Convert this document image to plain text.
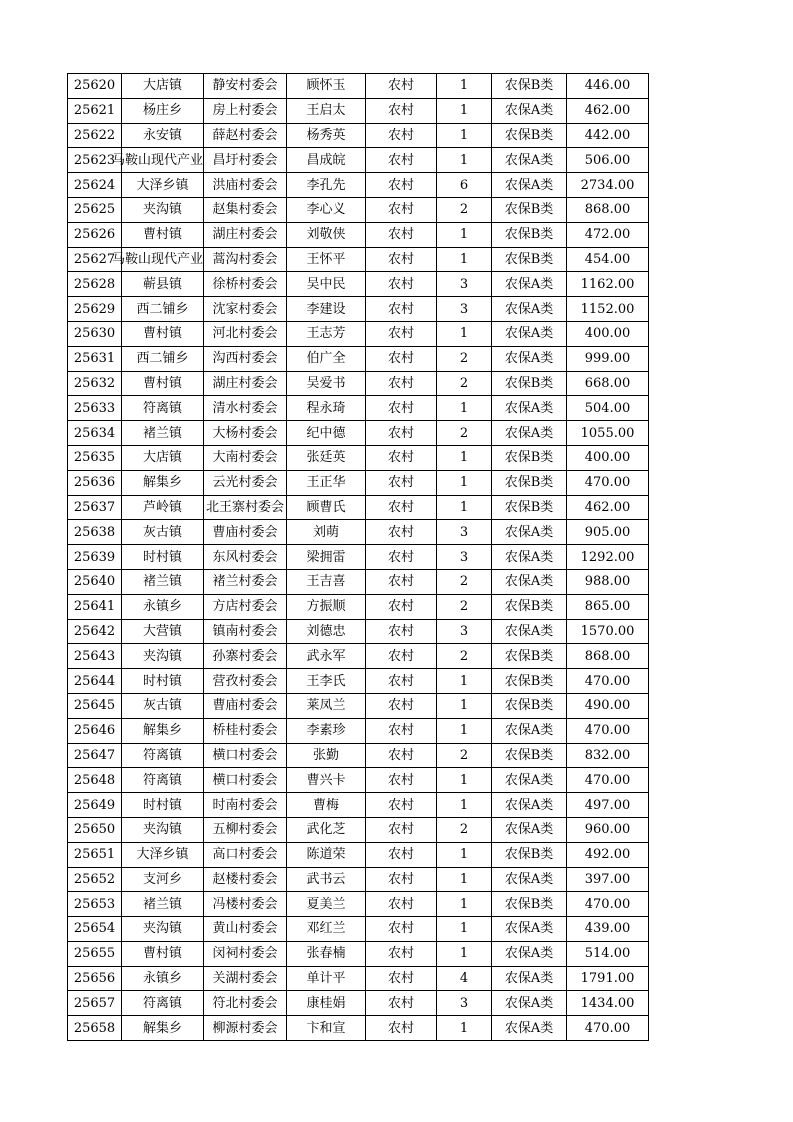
25620	大店镇	静安村委会	顾怀玉	农村	1	农保B类	446.00
25621	杨庄乡	房上村委会	王启太	农村	1	农保A类	462.00
25622	永安镇	薛赵村委会	杨秀英	农村	1	农保B类	442.00
25623	马鞍山现代产业	昌圩村委会	昌成皖	农村	1	农保A类	506.00
25624	大泽乡镇	洪庙村委会	李孔先	农村	6	农保A类	2734.00
25625	夹沟镇	赵集村委会	李心义	农村	2	农保B类	868.00
25626	曹村镇	湖庄村委会	刘敬侠	农村	1	农保B类	472.00
25627	马鞍山现代产业	蒿沟村委会	王怀平	农村	1	农保B类	454.00
25628	蕲县镇	徐桥村委会	吴中民	农村	3	农保A类	1162.00
25629	西二铺乡	沈家村委会	李建设	农村	3	农保A类	1152.00
25630	曹村镇	河北村委会	王志芳	农村	1	农保A类	400.00
25631	西二铺乡	沟西村委会	伯广全	农村	2	农保A类	999.00
25632	曹村镇	湖庄村委会	吴爱书	农村	2	农保B类	668.00
25633	符离镇	清水村委会	程永琦	农村	1	农保A类	504.00
25634	褚兰镇	大杨村委会	纪中德	农村	2	农保A类	1055.00
25635	大店镇	大南村委会	张廷英	农村	1	农保B类	400.00
25636	解集乡	云光村委会	王正华	农村	1	农保B类	470.00
25637	芦岭镇	北王寨村委会	顾曹氏	农村	1	农保B类	462.00
25638	灰古镇	曹庙村委会	刘萌	农村	3	农保A类	905.00
25639	时村镇	东风村委会	梁拥雷	农村	3	农保A类	1292.00
25640	褚兰镇	褚兰村委会	王吉喜	农村	2	农保A类	988.00
25641	永镇乡	方店村委会	方振顺	农村	2	农保B类	865.00
25642	大营镇	镇南村委会	刘德忠	农村	3	农保A类	1570.00
25643	夹沟镇	孙寨村委会	武永军	农村	2	农保B类	868.00
25644	时村镇	营孜村委会	王李氏	农村	1	农保B类	470.00
25645	灰古镇	曹庙村委会	莱凤兰	农村	1	农保B类	490.00
25646	解集乡	桥桂村委会	李素珍	农村	1	农保A类	470.00
25647	符离镇	横口村委会	张勤	农村	2	农保B类	832.00
25648	符离镇	横口村委会	曹兴卡	农村	1	农保A类	470.00
25649	时村镇	时南村委会	曹梅	农村	1	农保A类	497.00
25650	夹沟镇	五柳村委会	武化芝	农村	2	农保A类	960.00
25651	大泽乡镇	高口村委会	陈道荣	农村	1	农保B类	492.00
25652	支河乡	赵楼村委会	武书云	农村	1	农保A类	397.00
25653	褚兰镇	冯楼村委会	夏美兰	农村	1	农保B类	470.00
25654	夹沟镇	黄山村委会	邓红兰	农村	1	农保A类	439.00
25655	曹村镇	闵祠村委会	张春楠	农村	1	农保A类	514.00
25656	永镇乡	关湖村委会	单计平	农村	4	农保A类	1791.00
25657	符离镇	符北村委会	康桂娟	农村	3	农保A类	1434.00
25658	解集乡	柳源村委会	卞和宣	农村	1	农保A类	470.00
